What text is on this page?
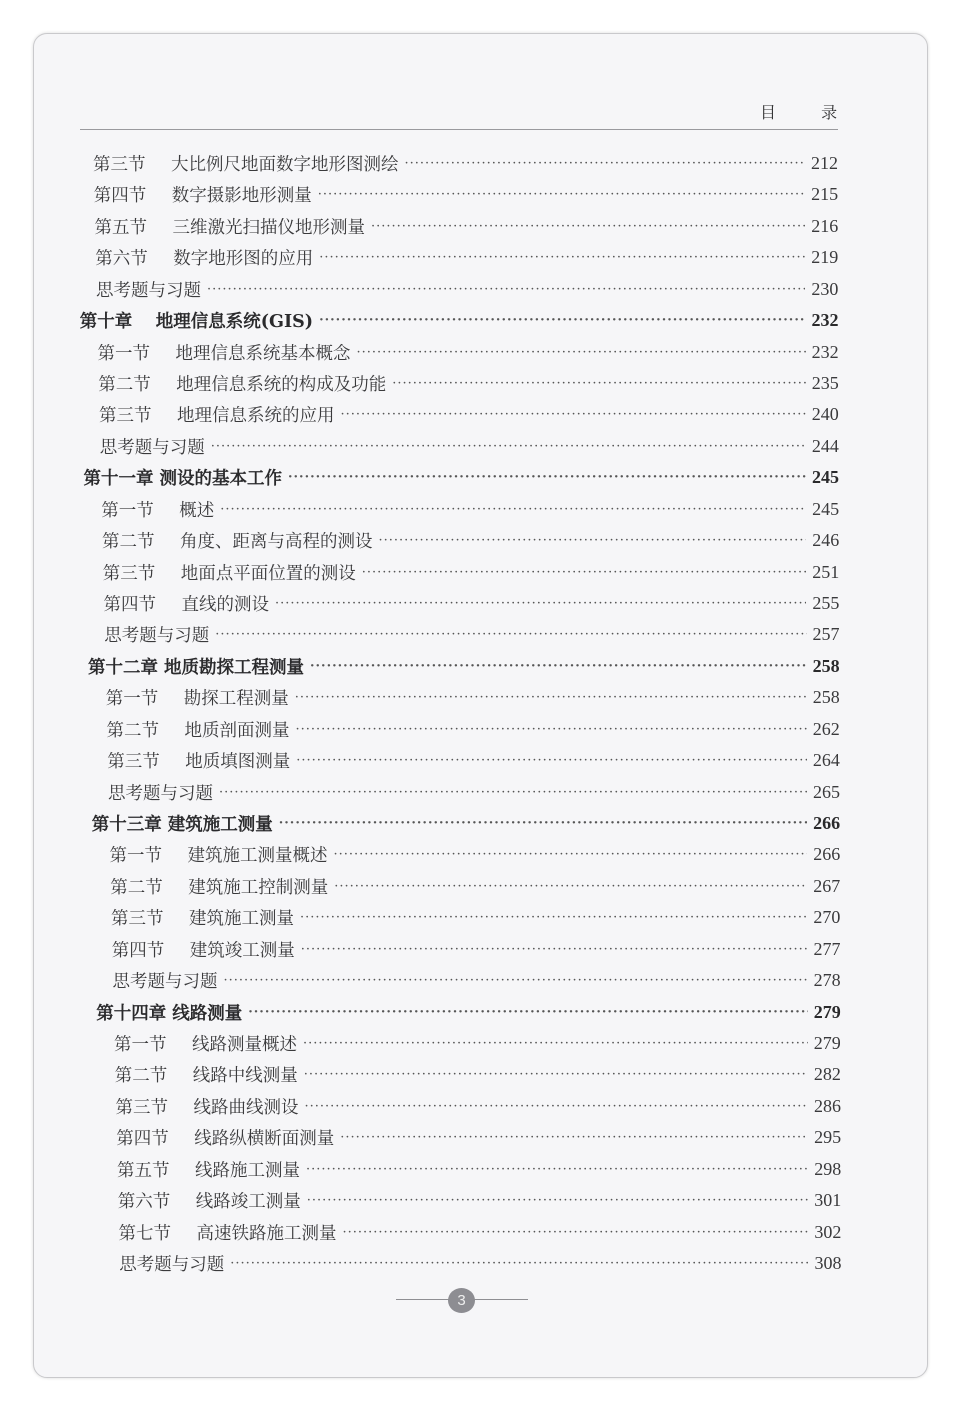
目 录
第三节 大比例尺地面数字地形图测绘 ·····	212
第四节 数字摄影地形测量 ·····	215
第五节 三维激光扫描仪地形测量 ·····	216
第六节 数字地形图的应用 ·····	219
思考题与习题 ·····	230
第十章 地理信息系统(GIS) ·····	232
第一节 地理信息系统基本概念 ·····	232
第二节 地理信息系统的构成及功能 ·····	235
第三节 地理信息系统的应用 ·····	240
思考题与习题 ·····	244
第十一章 测设的基本工作 ·····	245
第一节 概述 ·····	245
第二节 角度、距离与高程的测设 ·····	246
第三节 地面点平面位置的测设 ·····	251
第四节 直线的测设 ·····	255
思考题与习题 ·····	257
第十二章 地质勘探工程测量 ·····	258
第一节 勘探工程测量 ·····	258
第二节 地质剖面测量 ·····	262
第三节 地质填图测量 ·····	264
思考题与习题 ·····	265
第十三章 建筑施工测量 ·····	266
第一节 建筑施工测量概述 ·····	266
第二节 建筑施工控制测量 ·····	267
第三节 建筑施工测量 ·····	270
第四节 建筑竣工测量 ·····	277
思考题与习题 ·····	278
第十四章 线路测量 ·····	279
第一节 线路测量概述 ·····	279
第二节 线路中线测量 ·····	282
第三节 线路曲线测设 ·····	286
第四节 线路纵横断面测量 ·····	295
第五节 线路施工测量 ·····	298
第六节 线路竣工测量 ·····	301
第七节 高速铁路施工测量 ·····	302
思考题与习题 ·····	308
3
